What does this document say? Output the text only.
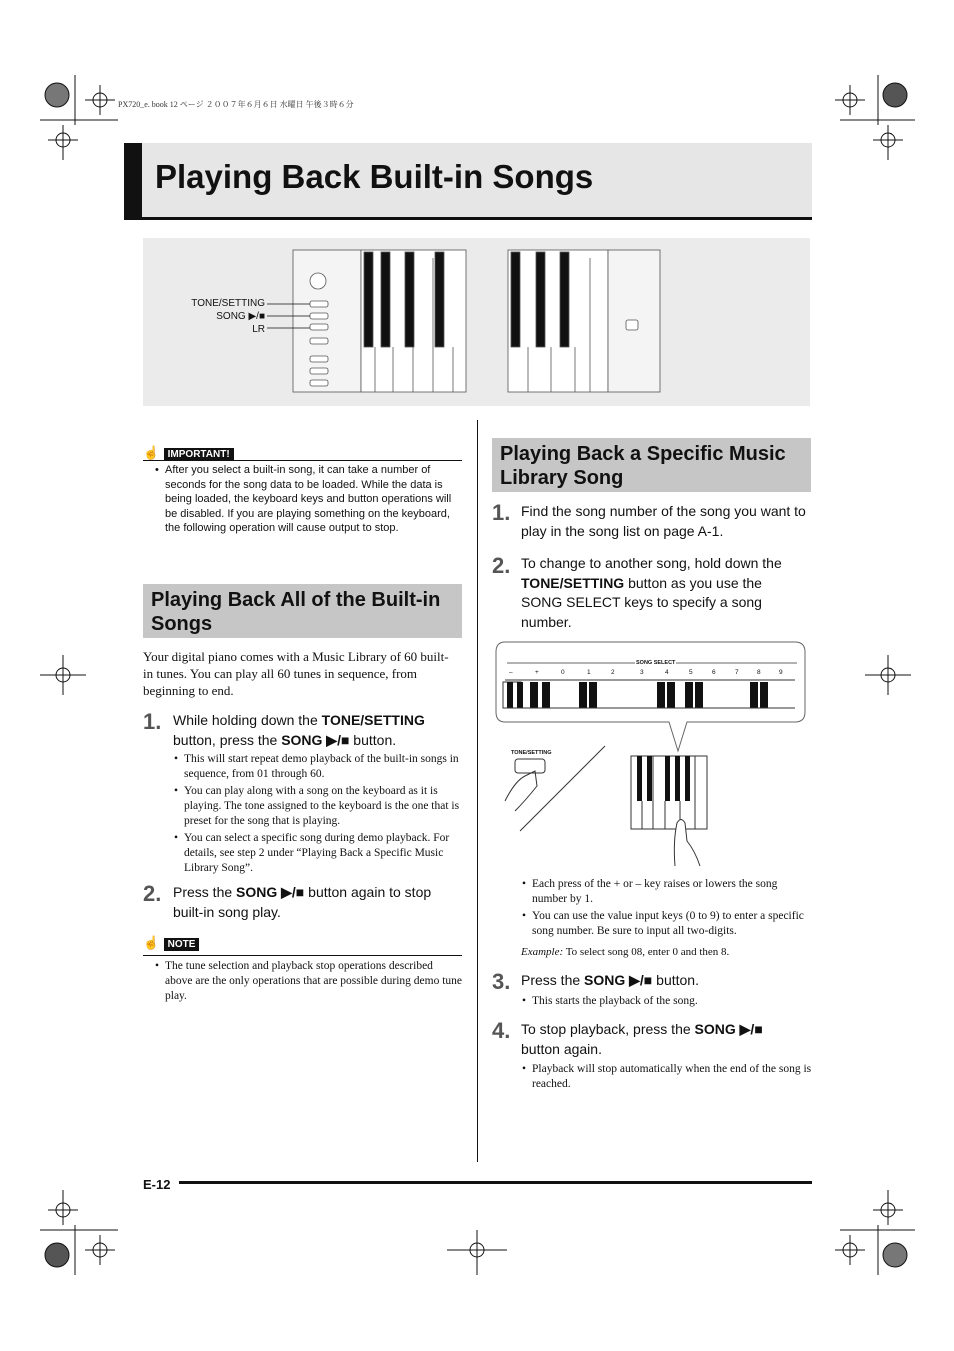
PX720_e. book 12 ページ ２００７年６月６日 水曜日 午後３時６分
Playing Back Built-in Songs
TONE/SETTING
SONG ▶/■
LR
☝ IMPORTANT!
• After you select a built-in song, it can take a number of seconds for the song data to be loaded. While the data is being loaded, the keyboard keys and button operations will be disabled. If you are playing something on the keyboard, the following operation will cause output to stop.
Playing Back All of the Built-in
Songs

Your digital piano comes with a Music Library of 60 built-in tunes. You can play all 60 tunes in sequence, from beginning to end.

1. While holding down the TONE/SETTING
button, press the SONG ▶/■ button.
• This will start repeat demo playback of the built-in songs in sequence, from 01 through 60.
• You can play along with a song on the keyboard as it is playing. The tone assigned to the keyboard is the one that is preset for the song that is playing.
• You can select a specific song during demo playback. For details, see step 2 under “Playing Back a Specific Music Library Song”.
2. Press the SONG ▶/■ button again to stop
built-in song play.
☝ NOTE
• The tune selection and playback stop operations described above are the only operations that are possible during demo tune play.
Playing Back a Specific Music
Library Song
1. Find the song number of the song you want to
play in the song list on page A-1.
2. To change to another song, hold down the
TONE/SETTING button as you use the
SONG SELECT keys to specify a song
number.
SONG SELECT
–	+	0	1	2	3	4	5	6	7	8	9
TONE/SETTING
• Each press of the + or – key raises or lowers the song number by 1.
• You can use the value input keys (0 to 9) to enter a specific song number. Be sure to input all two-digits.
Example: To select song 08, enter 0 and then 8.
3. Press the SONG ▶/■ button.
• This starts the playback of the song.
4. To stop playback, press the SONG ▶/■
button again.
• Playback will stop automatically when the end of the song is reached.
E-12
